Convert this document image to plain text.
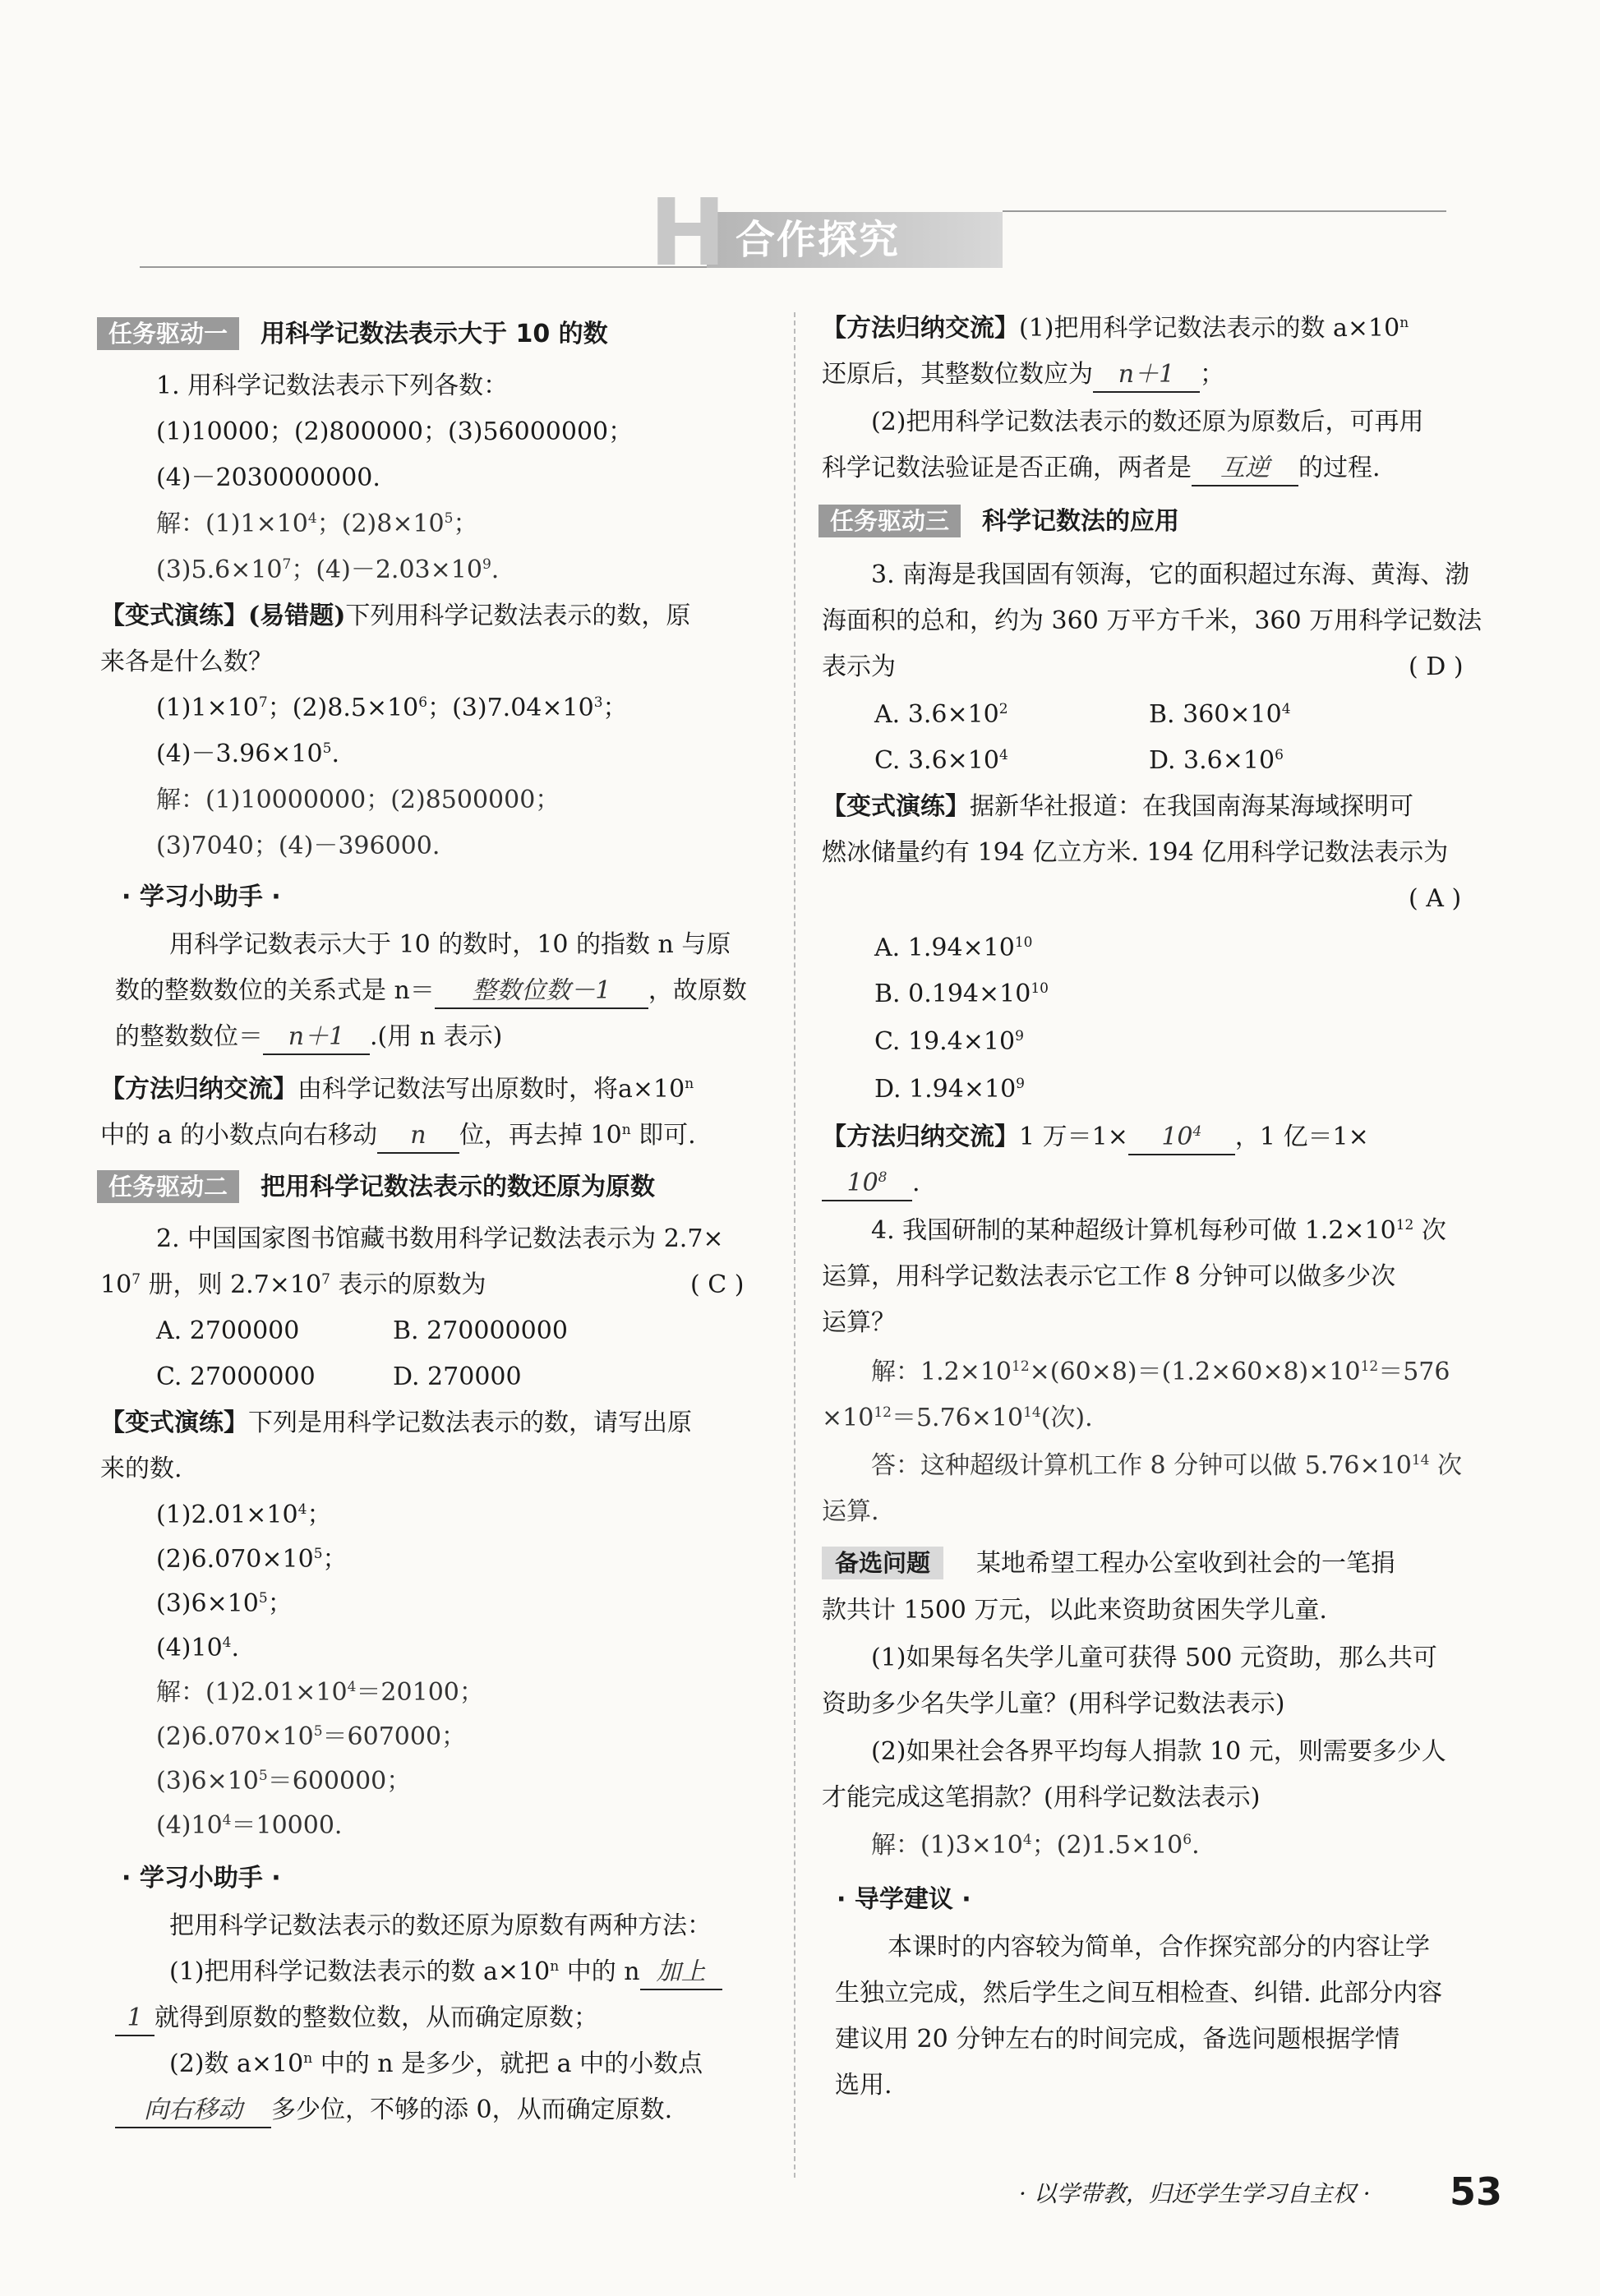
H 合作探究
任务驱动一 用科学记数法表示大于 10 的数
1. 用科学记数法表示下列各数：
(1)10000；(2)800000；(3)56000000；
(4)－2030000000.
解：$(1)1\times 10^4$；$(2)8\times 10^5$；
$(3)5.6\times 10^7$；$(4)-2.03\times 10^9$.
【变式演练】(易错题)下列用科学记数法表示的数，原
来各是什么数？
$(1)1\times 10^7$；$(2)8.5\times 10^6$；$(3)7.04\times 10^3$；
$(4)-3.96\times 10^5$.
解：(1)10000000；(2)8500000；
(3)7040；(4)－396000.
· 学习小助手 ·
用科学记数表示大于 10 的数时，10 的指数 n 与原
数的整数数位的关系式是 n＝ 整数位数－1 ，故原数
的整数数位＝ n＋1 .(用 n 表示)
【方法归纳交流】由科学记数法写出原数时，将$a\times 10^n$
中的 a 的小数点向右移动 n 位，再去掉 10$^n$ 即可.
任务驱动二 把用科学记数法表示的数还原为原数
2. 中国国家图书馆藏书数用科学记数法表示为 2.7×
$10^7$ 册，则 $2.7\times 10^7$ 表示的原数为	( C )
A. 2700000	B. 270000000
C. 27000000	D. 270000
【变式演练】下列是用科学记数法表示的数，请写出原
来的数.
$(1)2.01\times 10^4$；
$(2)6.070\times 10^5$；
$(3)6\times 10^5$；
$(4)10^4$.
解：$(1)2.01\times 10^4=20100$；
$(2)6.070\times 10^5=607000$；
$(3)6\times 10^5=600000$；
$(4)10^4=10000$.
· 学习小助手 ·
把用科学记数法表示的数还原为原数有两种方法：
(1)把用科学记数法表示的数 $a\times 10^n$ 中的 n 加上
1 就得到原数的整数位数，从而确定原数；
(2)数 $a\times 10^n$ 中的 n 是多少，就把 a 中的小数点
向右移动 多少位，不够的添 0，从而确定原数.
【方法归纳交流】(1)把用科学记数法表示的数 $a\times 10^n$
还原后，其整数位数应为 n＋1 ；
(2)把用科学记数法表示的数还原为原数后，可再用
科学记数法验证是否正确，两者是 互逆 的过程.
任务驱动三 科学记数法的应用
3. 南海是我国固有领海，它的面积超过东海、黄海、渤
海面积的总和，约为 360 万平方千米，360 万用科学记数法
表示为	( D )
A. $3.6\times 10^2$	B. $360\times 10^4$
C. $3.6\times 10^4$	D. $3.6\times 10^6$
【变式演练】据新华社报道：在我国南海某海域探明可
燃冰储量约有 194 亿立方米. 194 亿用科学记数法表示为
( A )
A. $1.94\times 10^{10}$
B. $0.194\times 10^{10}$
C. $19.4\times 10^9$
D. $1.94\times 10^9$
【方法归纳交流】1 万$=1\times 10^4$ ，1 亿＝1×
$10^8$ .
4. 我国研制的某种超级计算机每秒可做 $1.2\times 10^{12}$ 次
运算，用科学记数法表示它工作 8 分钟可以做多少次
运算？
解：$1.2\times 10^{12}\times(60\times 8)=(1.2\times 60\times 8)\times 10^{12}=576$
$\times 10^{12}=5.76\times 10^{14}$(次).
答：这种超级计算机工作 8 分钟可以做 $5.76\times 10^{14}$ 次
运算.
备选问题 某地希望工程办公室收到社会的一笔捐
款共计 1500 万元，以此来资助贫困失学儿童.
(1)如果每名失学儿童可获得 500 元资助，那么共可
资助多少名失学儿童？(用科学记数法表示)
(2)如果社会各界平均每人捐款 10 元，则需要多少人
才能完成这笔捐款？(用科学记数法表示)
解：$(1)3\times 10^4$；$(2)1.5\times 10^6$.
· 导学建议 ·
本课时的内容较为简单，合作探究部分的内容让学
生独立完成，然后学生之间互相检查、纠错. 此部分内容
建议用 20 分钟左右的时间完成，备选问题根据学情
选用.
· 以学带教，归还学生学习自主权 · 53
